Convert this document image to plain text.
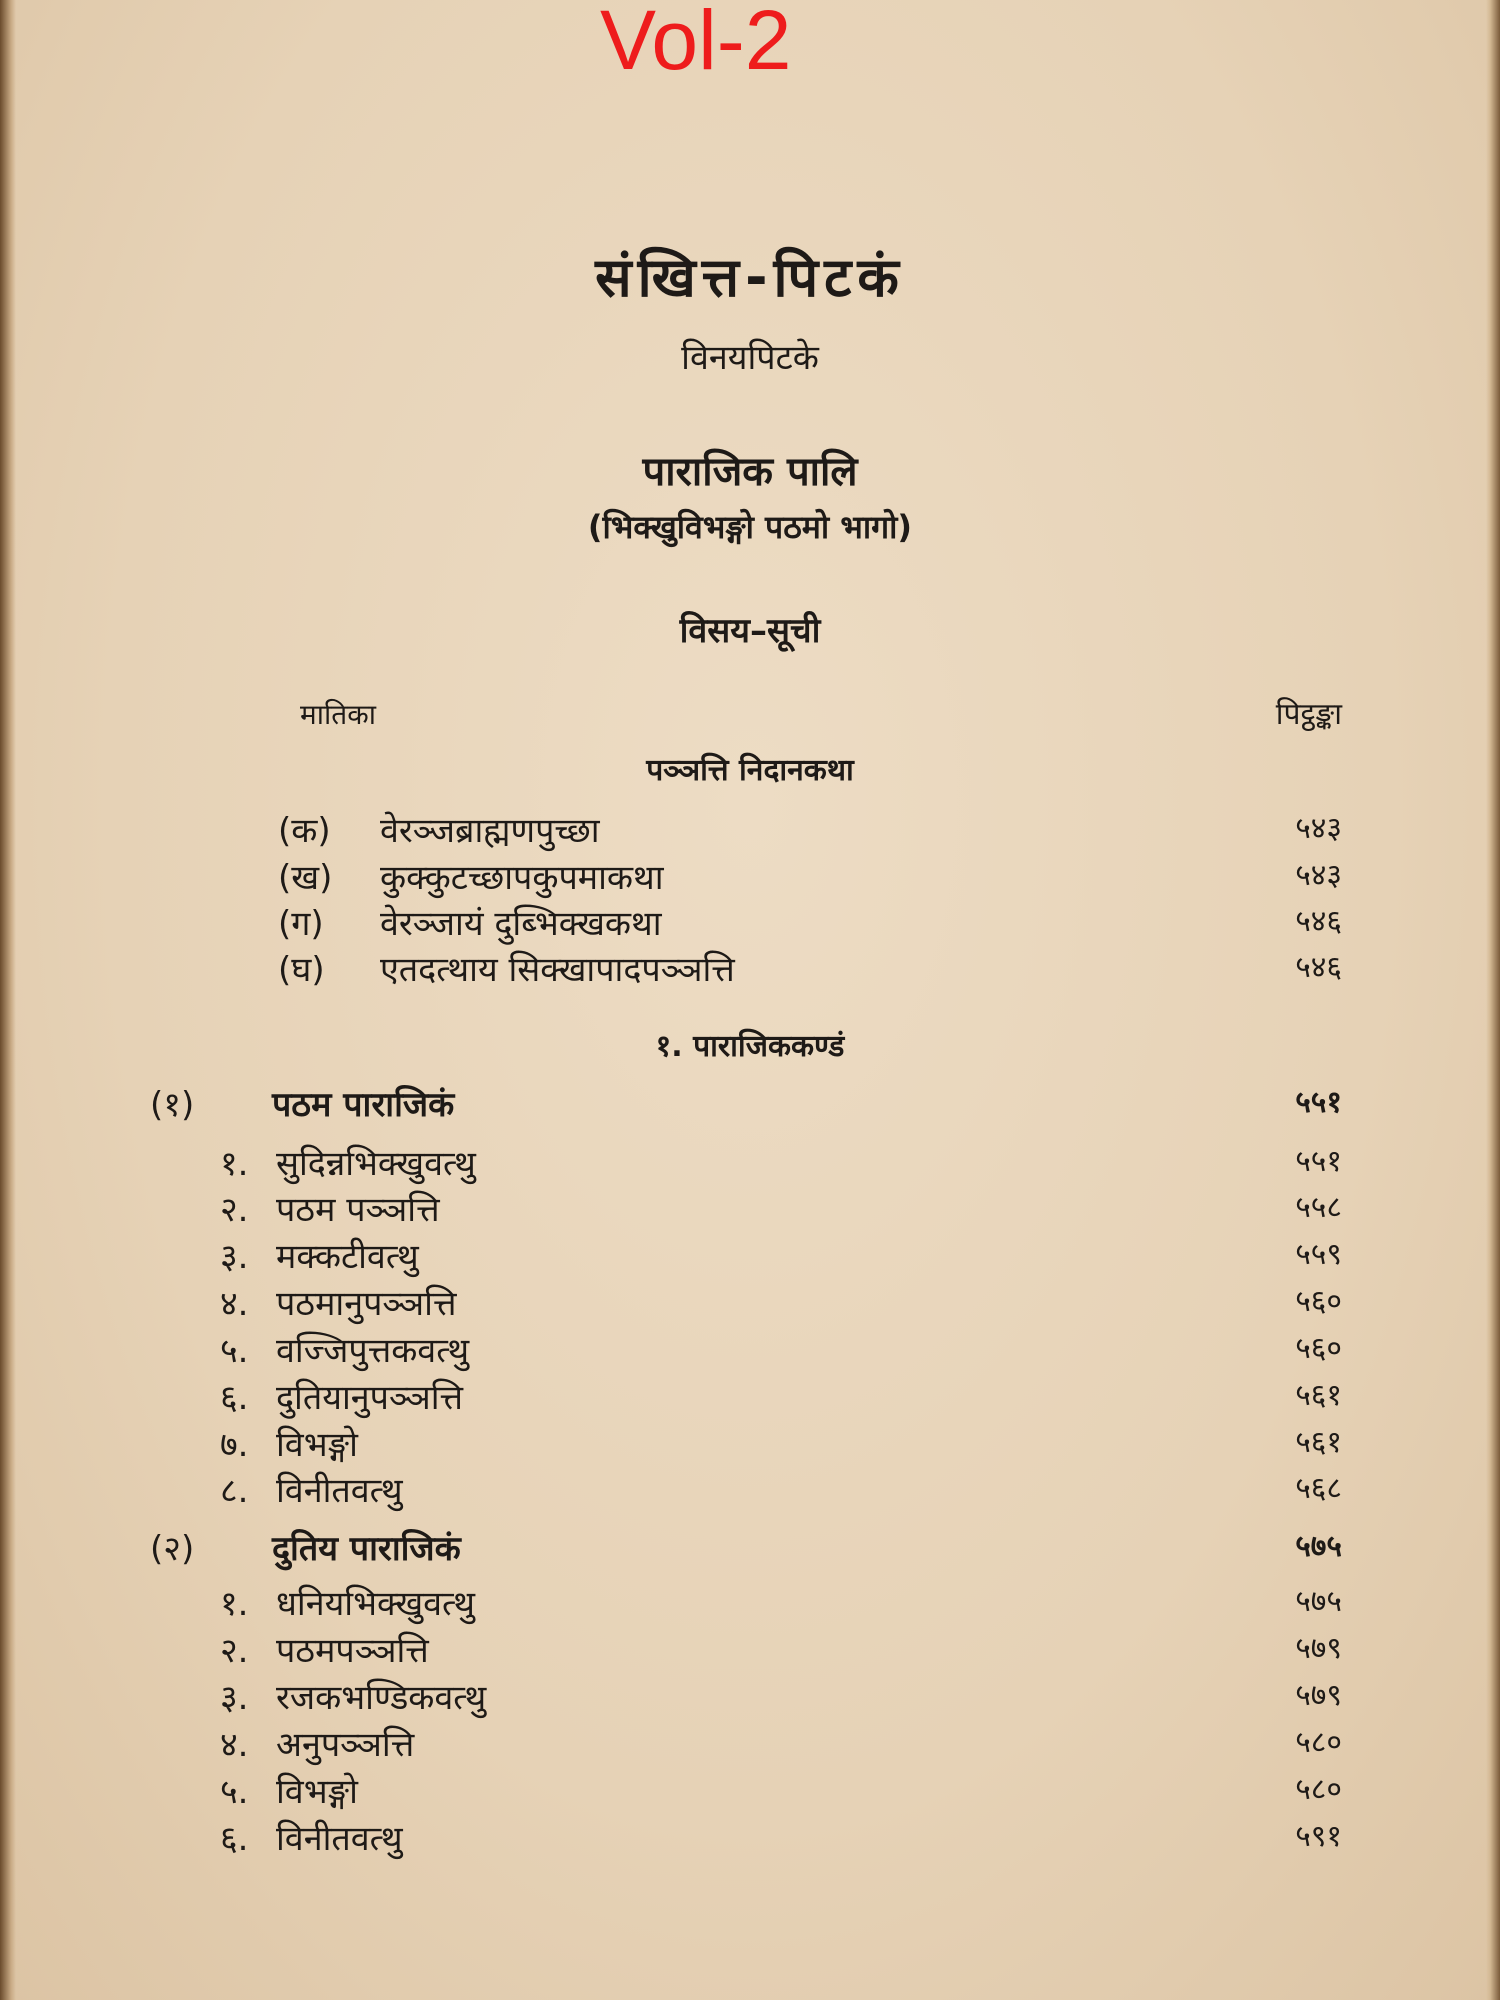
Vol-2
संखित्त-पिटकं
विनयपिटके
पाराजिक पालि
(भिक्खुविभङ्गो पठमो भागो)
विसय–सूची
मातिका	पिट्ठङ्का
पञ्ञत्ति निदानकथा
१. पाराजिककण्डं
(क) वेरञ्जब्राह्मणपुच्छा	५४३
(ख) कुक्कुटच्छापकुपमाकथा	५४३
(ग) वेरञ्जायं दुब्भिक्खकथा	५४६
(घ) एतदत्थाय सिक्खापादपञ्ञत्ति	५४६
(१) पठम पाराजिकं	५५१
१. सुदिन्नभिक्खुवत्थु	५५१
२. पठम पञ्ञत्ति	५५८
३. मक्कटीवत्थु	५५९
४. पठमानुपञ्ञत्ति	५६०
५. वज्जिपुत्तकवत्थु	५६०
६. दुतियानुपञ्ञत्ति	५६१
७. विभङ्गो	५६१
८. विनीतवत्थु	५६८
(२) दुतिय पाराजिकं	५७५
१. धनियभिक्खुवत्थु	५७५
२. पठमपञ्ञत्ति	५७९
३. रजकभण्डिकवत्थु	५७९
४. अनुपञ्ञत्ति	५८०
५. विभङ्गो	५८०
६. विनीतवत्थु	५९१
